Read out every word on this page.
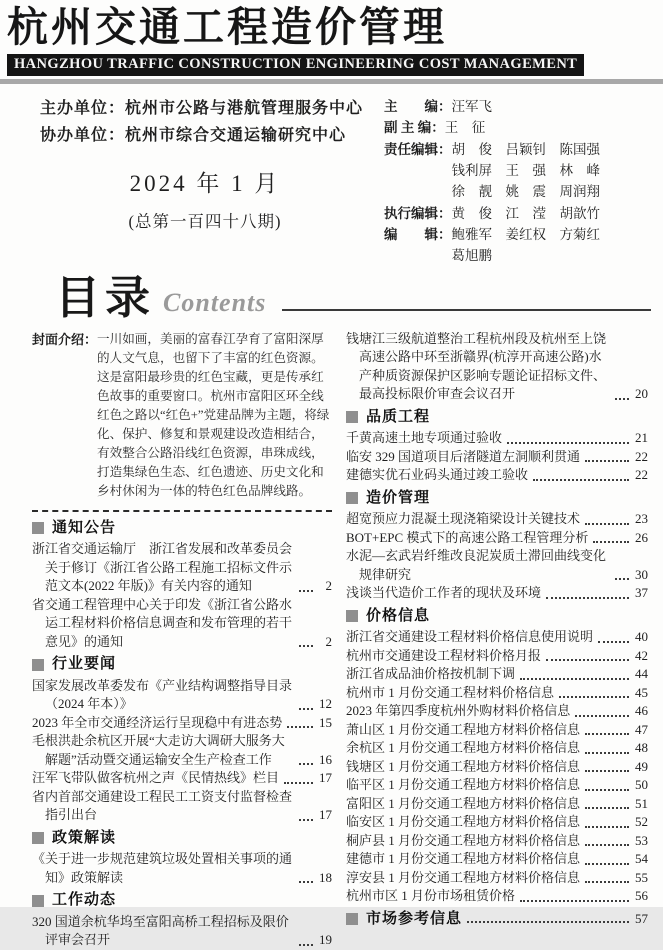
杭州交通工程造价管理
HANGZHOU TRAFFIC CONSTRUCTION ENGINEERING COST MANAGEMENT
主办单位：杭州市公路与港航管理服务中心
协办单位：杭州市综合交通运输研究中心
2024 年 1 月
(总第一百四十八期)
主　　编： 汪军飞
副 主 编： 王　征
责任编辑： 胡　俊　吕颖钊　陈国强
钱利屏　王　强　林　峰
徐　靓　姚　震　周润翔
执行编辑： 黄　俊　江　滢　胡歆竹
编　　辑： 鲍雅军　姜红权　方菊红
葛旭鹏
目录 Contents
封面介绍： 一川如画，美丽的富春江孕育了富阳深厚的人文气息，也留下了丰富的红色资源。这是富阳最珍贵的红色宝藏，更是传承红色故事的重要窗口。杭州市富阳区环全线红色之路以“红色+”党建品牌为主题，将绿化、保护、修复和景观建设改造相结合，有效整合公路沿线红色资源，串珠成线，打造集绿色生态、红色遗迹、历史文化和乡村休闲为一体的特色红色品牌线路。
通知公告
浙江省交通运输厅　浙江省发展和改革委员会关于修订《浙江省公路工程施工招标文件示范文本(2022 年版)》有关内容的通知	2
省交通工程管理中心关于印发《浙江省公路水运工程材料价格信息调查和发布管理的若干意见》的通知	2
行业要闻
国家发展改革委发布《产业结构调整指导目录（2024 年本）》	12
2023 年全市交通经济运行呈现稳中有进态势	15
毛根洪赴余杭区开展“大走访大调研大服务大解题”活动暨交通运输安全生产检查工作	16
汪军飞带队做客杭州之声《民情热线》栏目	17
省内首部交通建设工程民工工资支付监督检查指引出台	17
政策解读
《关于进一步规范建筑垃圾处置相关事项的通知》政策解读	18
工作动态
320 国道余杭华坞至富阳高桥工程招标及限价评审会召开	19
钱塘江三级航道整治工程杭州段及杭州至上饶高速公路中环至浙赣界(杭淳开高速公路)水产种质资源保护区影响专题论证招标文件、最高投标限价审查会议召开	20
品质工程
千黄高速土地专项通过验收	21
临安 329 国道项目后渚隧道左洞顺利贯通	22
建德实优石业码头通过竣工验收	22
造价管理
超宽预应力混凝土现浇箱梁设计关键技术	23
BOT+EPC 模式下的高速公路工程管理分析	26
水泥—玄武岩纤维改良泥炭质土滞回曲线变化规律研究	30
浅谈当代造价工作者的现状及环境	37
价格信息
浙江省交通建设工程材料价格信息使用说明	40
杭州市交通建设工程材料价格月报	42
浙江省成品油价格按机制下调	44
杭州市 1 月份交通工程材料价格信息	45
2023 年第四季度杭州外购材料价格信息	46
萧山区 1 月份交通工程地方材料价格信息	47
余杭区 1 月份交通工程地方材料价格信息	48
钱塘区 1 月份交通工程地方材料价格信息	49
临平区 1 月份交通工程地方材料价格信息	50
富阳区 1 月份交通工程地方材料价格信息	51
临安区 1 月份交通工程地方材料价格信息	52
桐庐县 1 月份交通工程地方材料价格信息	53
建德市 1 月份交通工程地方材料价格信息	54
淳安县 1 月份交通工程地方材料价格信息	55
杭州市区 1 月份市场租赁价格	56
市场参考信息	57
